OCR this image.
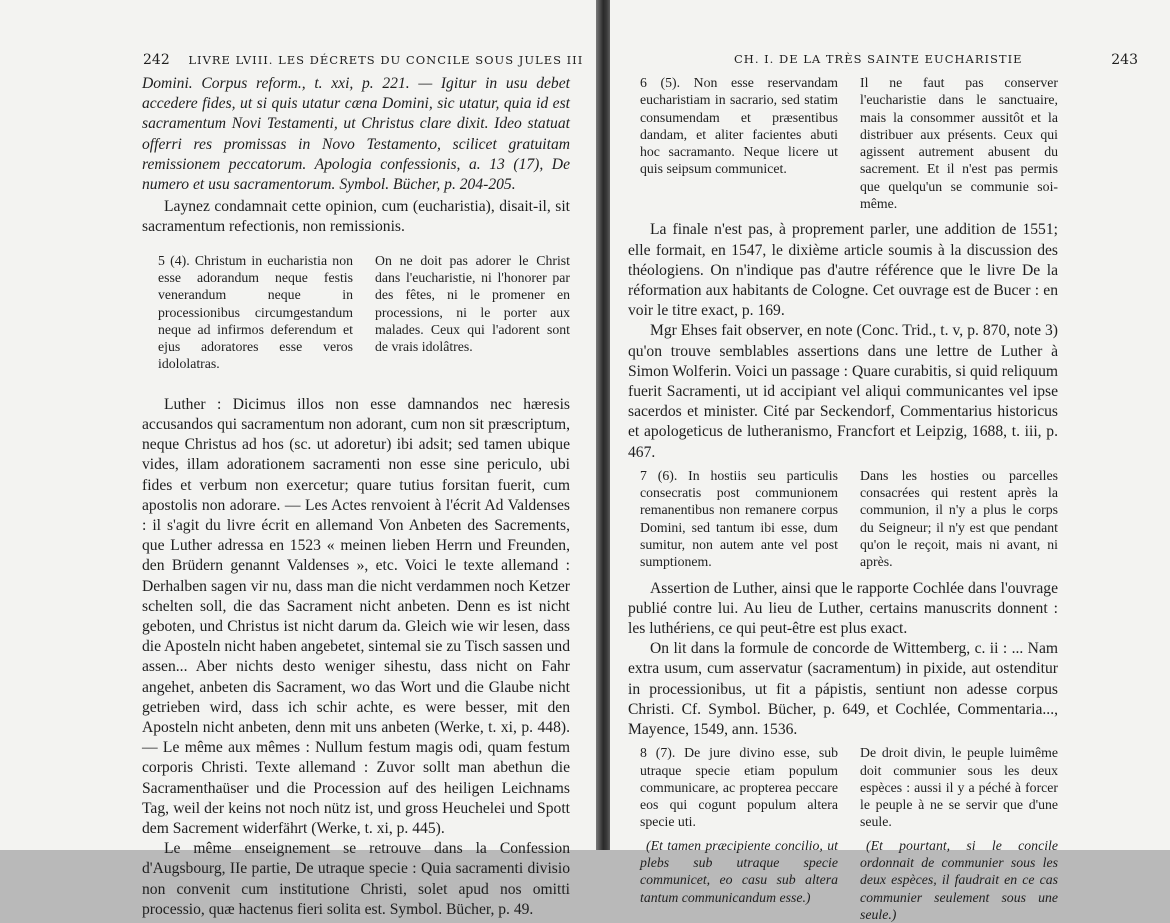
242 LIVRE LVIII. LES DÉCRETS DU CONCILE SOUS JULES III

Domini. Corpus reform., t. xxi, p. 221. — Igitur in usu debet accedere fides, ut si quis utatur cæna Domini, sic utatur, quia id est sacramentum Novi Testamenti, ut Christus clare dixit. Ideo statuat offerri res promissas in Novo Testamento, scilicet gratuitam remissionem peccatorum. Apologia confessionis, a. 13 (17), De numero et usu sacramentorum. Symbol. Bücher, p. 204-205.

Laynez condamnait cette opinion, cum (eucharistia), disait-il, sit sacramentum refectionis, non remissionis.

5 (4). Christum in eucharistia non esse adorandum neque festis venerandum neque in processionibus circumgestandum neque ad infirmos deferendum et ejus adoratores esse veros idololatras.
On ne doit pas adorer le Christ dans l'eucharistie, ni l'honorer par des fêtes, ni le promener en processions, ni le porter aux malades. Ceux qui l'adorent sont de vrais idolâtres.

Luther : Dicimus illos non esse damnandos nec hæresis accusandos qui sacramentum non adorant, cum non sit præscriptum, neque Christus ad hos (sc. ut adoretur) ibi adsit; sed tamen ubique vides, illam adorationem sacramenti non esse sine periculo, ubi fides et verbum non exercetur; quare tutius forsitan fuerit, cum apostolis non adorare. — Les Actes renvoient à l'écrit Ad Valdenses : il s'agit du livre écrit en allemand Von Anbeten des Sacrements, que Luther adressa en 1523 « meinen lieben Herrn und Freunden, den Brüdern genannt Valdenses », etc. Voici le texte allemand : Derhalben sagen vir nu, dass man die nicht verdammen noch Ketzer schelten soll, die das Sacrament nicht anbeten. Denn es ist nicht geboten, und Christus ist nicht darum da. Gleich wie wir lesen, dass die Aposteln nicht haben angebetet, sintemal sie zu Tisch sassen und assen... Aber nichts desto weniger sihestu, dass nicht on Fahr angehet, anbeten dis Sacrament, wo das Wort und die Glaube nicht getrieben wird, dass ich schir achte, es were besser, mit den Aposteln nicht anbeten, denn mit uns anbeten (Werke, t. xi, p. 448). — Le même aux mêmes : Nullum festum magis odi, quam festum corporis Christi. Texte allemand : Zuvor sollt man abethun die Sacramenthaüser und die Procession auf des heiligen Leichnams Tag, weil der keins not noch nütz ist, und gross Heuchelei und Spott dem Sacrement widerfährt (Werke, t. xi, p. 445).

Le même enseignement se retrouve dans la Confession d'Augsbourg, IIe partie, De utraque specie : Quia sacramenti divisio non convenit cum institutione Christi, solet apud nos omitti processio, quæ hactenus fieri solita est. Symbol. Bücher, p. 49.

CH. I. DE LA TRÈS SAINTE EUCHARISTIE	243
6 (5). Non esse reservandam eucharistiam in sacrario, sed statim consumendam et præsentibus dandam, et aliter facientes abuti hoc sacramanto. Neque licere ut quis seipsum communicet.
Il ne faut pas conserver l'eucharistie dans le sanctuaire, mais la consommer aussitôt et la distribuer aux présents. Ceux qui agissent autrement abusent du sacrement. Et il n'est pas permis que quelqu'un se communie soi-même.

La finale n'est pas, à proprement parler, une addition de 1551; elle formait, en 1547, le dixième article soumis à la discussion des théologiens. On n'indique pas d'autre référence que le livre De la réformation aux habitants de Cologne. Cet ouvrage est de Bucer : en voir le titre exact, p. 169.

Mgr Ehses fait observer, en note (Conc. Trid., t. v, p. 870, note 3) qu'on trouve semblables assertions dans une lettre de Luther à Simon Wolferin. Voici un passage : Quare curabitis, si quid reliquum fuerit Sacramenti, ut id accipiant vel aliqui communicantes vel ipse sacerdos et minister. Cité par Seckendorf, Commentarius historicus et apologeticus de lutheranismo, Francfort et Leipzig, 1688, t. iii, p. 467.

7 (6). In hostiis seu particulis consecratis post communionem remanentibus non remanere corpus Domini, sed tantum ibi esse, dum sumitur, non autem ante vel post sumptionem.
Dans les hosties ou parcelles consacrées qui restent après la communion, il n'y a plus le corps du Seigneur; il n'y est que pendant qu'on le reçoit, mais ni avant, ni après.

Assertion de Luther, ainsi que le rapporte Cochlée dans l'ouvrage publié contre lui. Au lieu de Luther, certains manuscrits donnent : les luthériens, ce qui peut-être est plus exact.

On lit dans la formule de concorde de Wittemberg, c. ii : ... Nam extra usum, cum asservatur (sacramentum) in pixide, aut ostenditur in processionibus, ut fit a pápistis, sentiunt non adesse corpus Christi. Cf. Symbol. Bücher, p. 649, et Cochlée, Commentaria..., Mayence, 1549, ann. 1536.

8 (7). De jure divino esse, sub utraque specie etiam populum communicare, ac propterea peccare eos qui cogunt populum altera specie uti.
(Et tamen præcipiente concilio, ut plebs sub utraque specie communicet, eo casu sub altera tantum communicandum esse.)
De droit divin, le peuple luimême doit communier sous les deux espèces : aussi il y a péché à forcer le peuple à ne se servir que d'une seule.
(Et pourtant, si le concile ordonnait de communier sous les deux espèces, il faudrait en ce cas communier seulement sous une seule.)
